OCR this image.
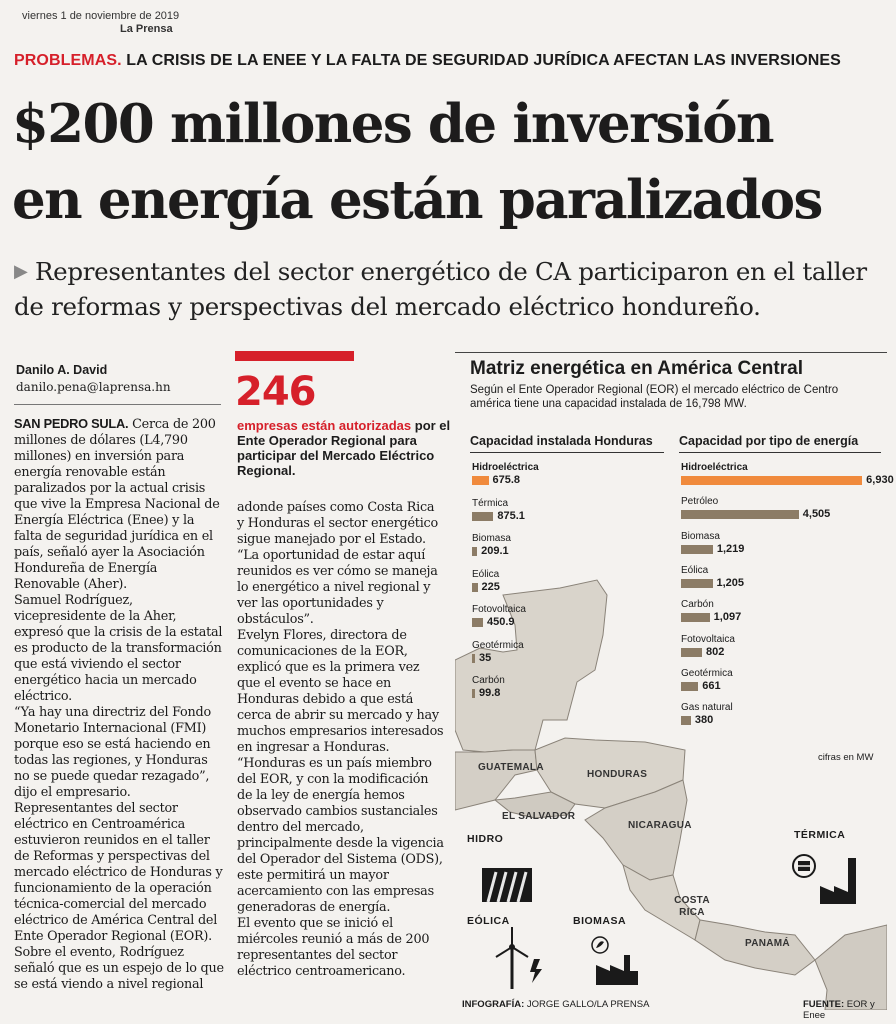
viernes 1 de noviembre de 2019
La Prensa
PROBLEMAS. LA CRISIS DE LA ENEE Y LA FALTA DE SEGURIDAD JURÍDICA AFECTAN LAS INVERSIONES
$200 millones de inversión
en energía están paralizados
▶ Representantes del sector energético de CA participaron en el taller de reformas y perspectivas del mercado eléctrico hondureño.
Danilo A. David
danilo.pena@laprensa.hn

SAN PEDRO SULA. Cerca de 200 millones de dólares (L4,790 millones) en inversión para energía renovable están paralizados por la actual crisis que vive la Empresa Nacional de Energía Eléctrica (Enee) y la falta de seguridad jurídica en el país, señaló ayer la Asociación Hondureña de Energía Renovable (Aher).

Samuel Rodríguez, vicepresidente de la Aher, expresó que la crisis de la estatal es producto de la transformación que está viviendo el sector energético hacia un mercado eléctrico.

“Ya hay una directriz del Fondo Monetario Internacional (FMI) porque eso se está haciendo en todas las regiones, y Honduras no se puede quedar rezagado”, dijo el empresario.

Representantes del sector eléctrico en Centroamérica estuvieron reunidos en el taller de Reformas y perspectivas del mercado eléctrico de Honduras y funcionamiento de la operación técnica-comercial del mercado eléctrico de América Central del Ente Operador Regional (EOR).

Sobre el evento, Rodríguez señaló que es un espejo de lo que se está viendo a nivel regional

246
empresas están autorizadas por el Ente Operador Regional para participar del Mercado Eléctrico Regional.

adonde países como Costa Rica y Honduras el sector energético sigue manejado por el Estado.

“La oportunidad de estar aquí reunidos es ver cómo se maneja lo energético a nivel regional y ver las oportunidades y obstáculos”.

Evelyn Flores, directora de comunicaciones de la EOR, explicó que es la primera vez que el evento se hace en Honduras debido a que está cerca de abrir su mercado y hay muchos empresarios interesados en ingresar a Honduras.

“Honduras es un país miembro del EOR, y con la modificación de la ley de energía hemos observado cambios sustanciales dentro del mercado, principalmente desde la vigencia del Operador del Sistema (ODS), este permitirá un mayor acercamiento con las empresas generadoras de energía.

El evento que se inició el miércoles reunió a más de 200 representantes del sector eléctrico centroamericano.

Matriz energética en América Central
Según el Ente Operador Regional (EOR) el mercado eléctrico de Centro américa tiene una capacidad instalada de 16,798 MW.
Capacidad instalada Honduras Capacidad por tipo de energía
Hidroeléctrica
675.8
Térmica
875.1
Biomasa
209.1
Eólica
225
Fotovoltaica
450.9
Geotérmica
35
Carbón
99.8
Hidroeléctrica
6,930
Petróleo
4,505
Biomasa
1,219
Eólica
1,205
Carbón
1,097
Fotovoltaica
802
Geotérmica
661
Gas natural
380
cifras en MW
GUATEMALA
HONDURAS
EL SALVADOR
NICARAGUA
COSTA RICA
PANAMÁ
HIDRO
EÓLICA	BIOMASA
TÉRMICA
INFOGRAFÍA: JORGE GALLO/LA PRENSA	FUENTE: EOR y Enee
